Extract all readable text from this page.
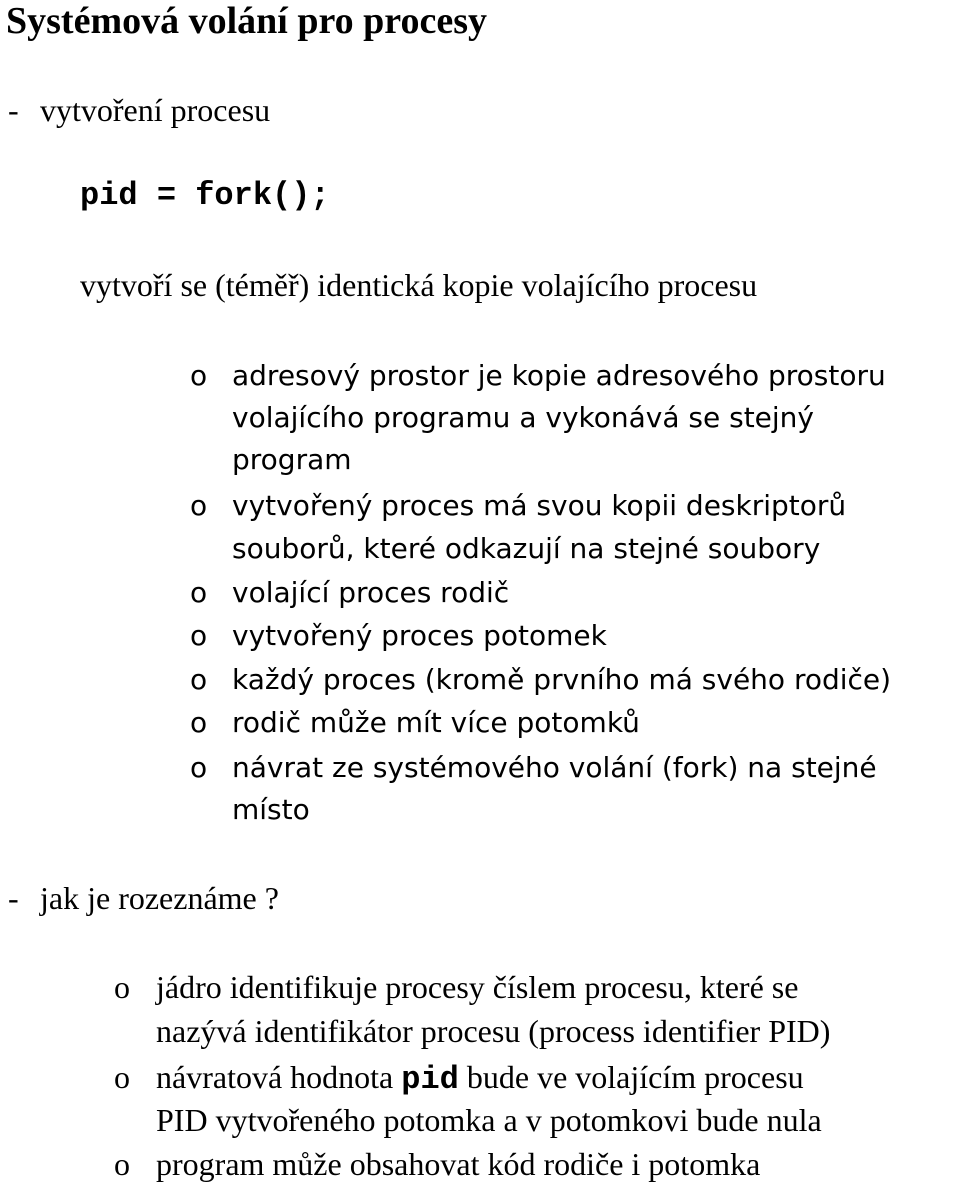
Systémová volání pro procesy
- vytvoření procesu
pid = fork();
vytvoří se (téměř) identická kopie volajícího procesu
o adresový prostor je kopie adresového prostoru
volajícího programu a vykonává se stejný
program
o vytvořený proces má svou kopii deskriptorů
souborů, které odkazují na stejné soubory
o volající proces rodič
o vytvořený proces potomek
o každý proces (kromě prvního má svého rodiče)
o rodič může mít více potomků
o návrat ze systémového volání (fork) na stejné
místo
- jak je rozeznáme ?
o jádro identifikuje procesy číslem procesu, které se
nazývá identifikátor procesu (process identifier PID)
o návratová hodnota pid bude ve volajícím procesu
PID vytvořeného potomka a v potomkovi bude nula
o program může obsahovat kód rodiče i potomka
